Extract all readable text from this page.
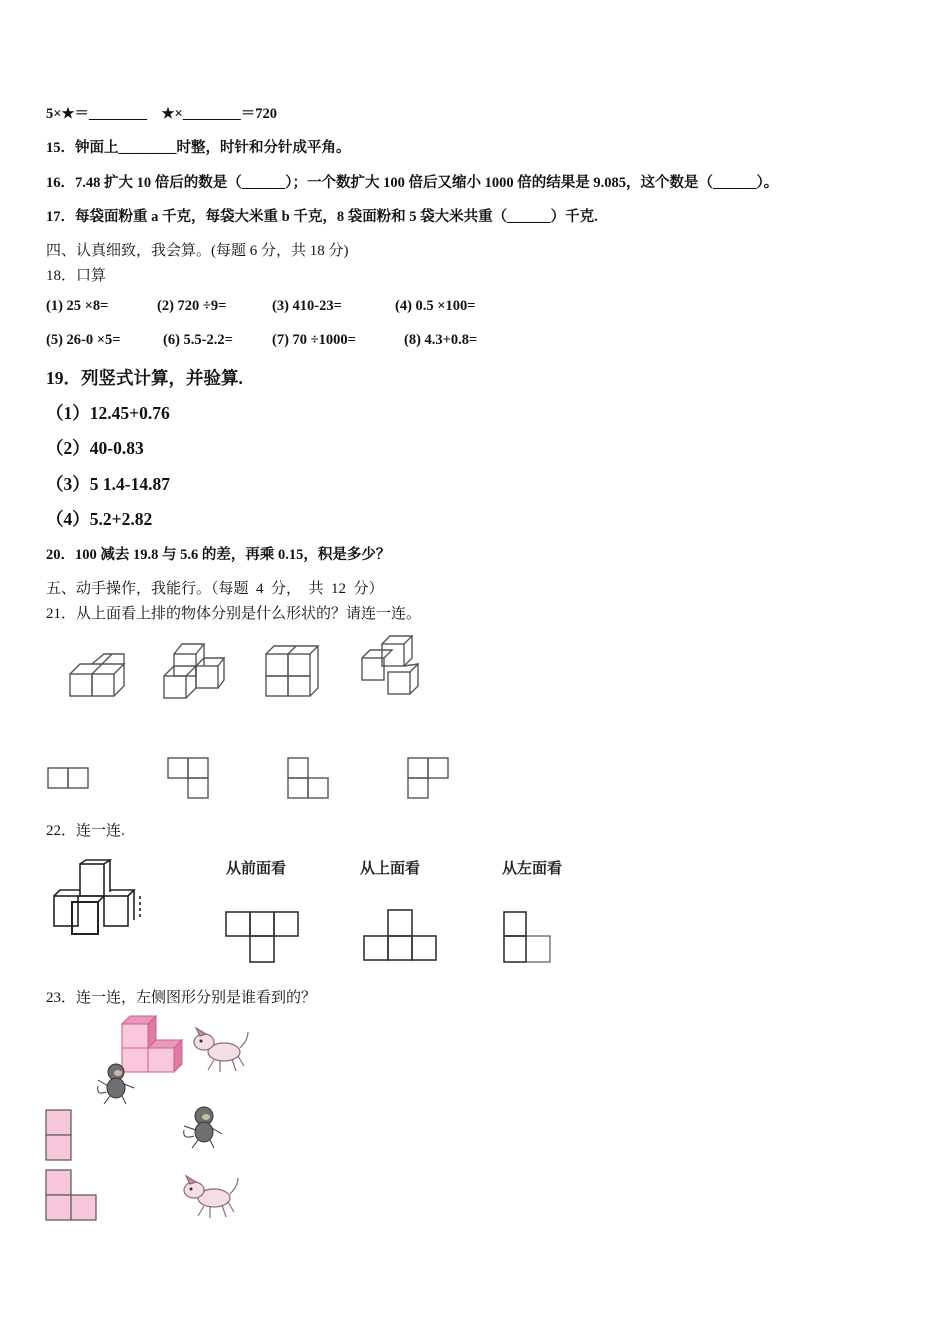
5×★＝________    ★×________＝720
15．钟面上________时整，时针和分针成平角。
16．7.48 扩大 10 倍后的数是（______）；一个数扩大 100 倍后又缩小 1000 倍的结果是 9.085，这个数是（______）。
17．每袋面粉重 a 千克，每袋大米重 b 千克，8 袋面粉和 5 袋大米共重（______）千克.
四、认真细致，我会算。(每题 6 分，共 18 分)
18．口算
(1) 25 ×8=	(2) 720 ÷9=	(3) 410-23=	(4) 0.5 ×100=
(5) 26-0 ×5=	(6) 5.5-2.2=	(7) 70 ÷1000=	(8) 4.3+0.8=
19．列竖式计算，并验算.
（1）12.45+0.76
（2）40-0.83
（3）5 1.4-14.87
（4）5.2+2.82
20．100 减去 19.8 与 5.6 的差，再乘 0.15，积是多少？
五、动手操作，我能行。（每题  4  分，  共  12  分）
21．从上面看上排的物体分别是什么形状的？请连一连。
22．连一连.
从前面看	从上面看	从左面看
23．连一连，左侧图形分别是谁看到的？
